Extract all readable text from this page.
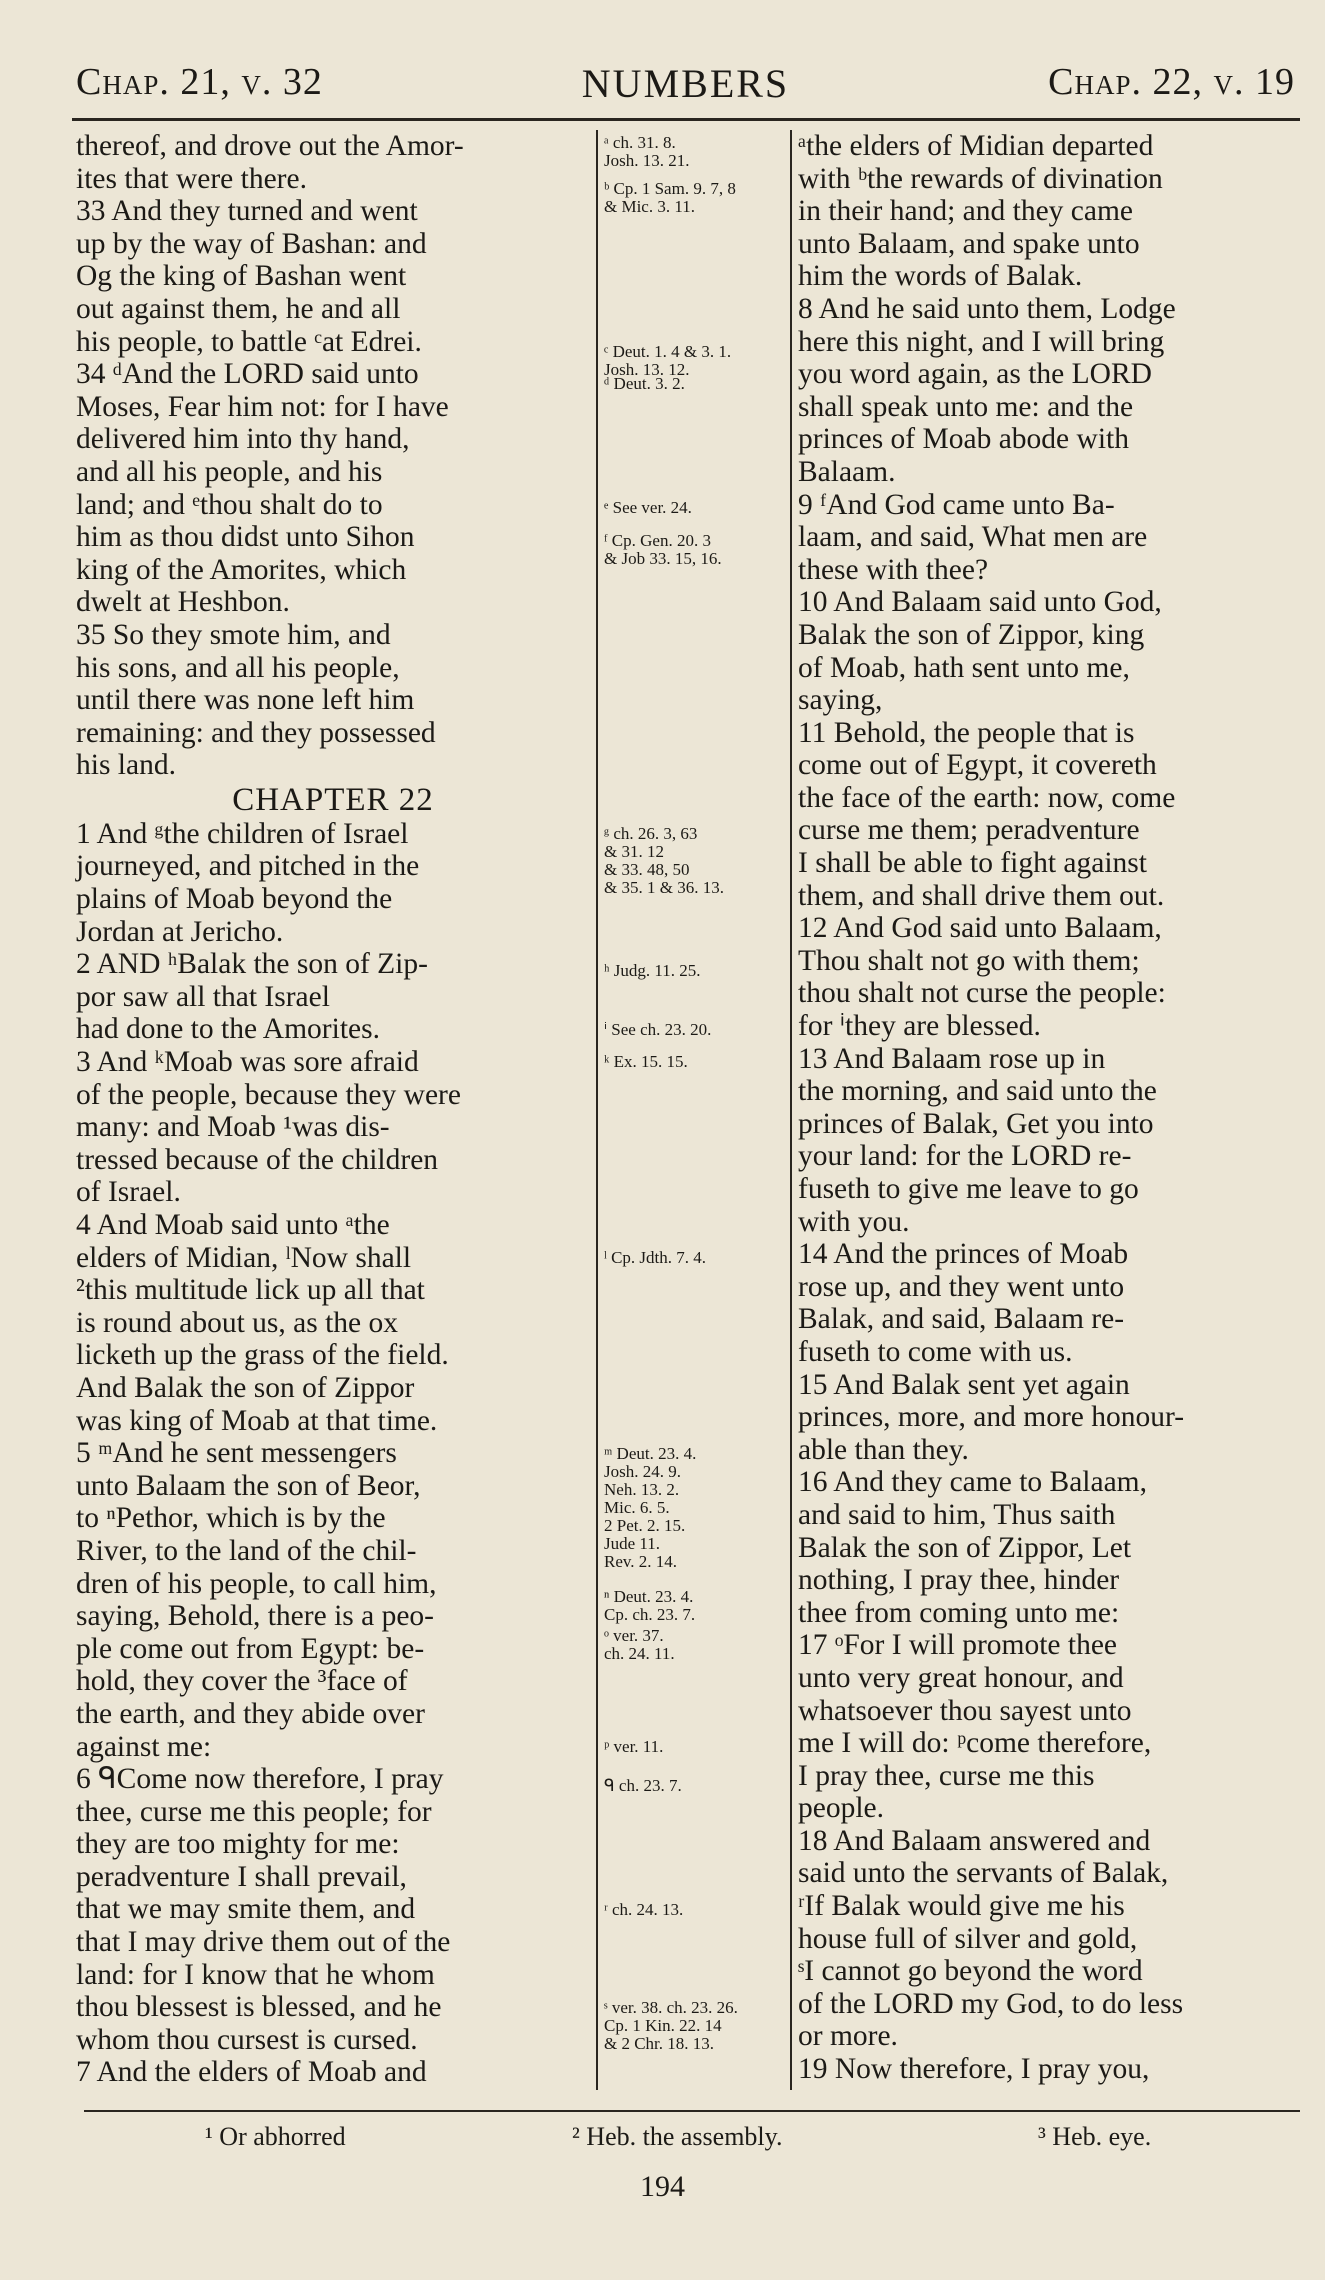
Chap. 21, v. 32	NUMBERS	Chap. 22, v. 19

thereof, and drove out the Amor-

ites that were there.

33 And they turned and went

up by the way of Bashan: and

Og the king of Bashan went

out against them, he and all

his people, to battle ᶜat Edrei.

34 ᵈAnd the LORD said unto

Moses, Fear him not: for I have

delivered him into thy hand,

and all his people, and his

land; and ᵉthou shalt do to

him as thou didst unto Sihon

king of the Amorites, which

dwelt at Heshbon.

35 So they smote him, and

his sons, and all his people,

until there was none left him

remaining: and they possessed

his land.

CHAPTER 22

1 And ᵍthe children of Israel

journeyed, and pitched in the

plains of Moab beyond the

Jordan at Jericho.

2 AND ʰBalak the son of Zip-

por saw all that Israel

had done to the Amorites.

3 And ᵏMoab was sore afraid

of the people, because they were

many: and Moab ¹was dis-

tressed because of the children

of Israel.

4 And Moab said unto ᵃthe

elders of Midian, ˡNow shall

²this multitude lick up all that

is round about us, as the ox

licketh up the grass of the field.

And Balak the son of Zippor

was king of Moab at that time.

5 ᵐAnd he sent messengers

unto Balaam the son of Beor,

to ⁿPethor, which is by the

River, to the land of the chil-

dren of his people, to call him,

saying, Behold, there is a peo-

ple come out from Egypt: be-

hold, they cover the ³face of

the earth, and they abide over

against me:

6 ᑫCome now therefore, I pray

thee, curse me this people; for

they are too mighty for me:

peradventure I shall prevail,

that we may smite them, and

that I may drive them out of the

land: for I know that he whom

thou blessest is blessed, and he

whom thou cursest is cursed.

7 And the elders of Moab and

ᵃ ch. 31. 8.
Josh. 13. 21.
ᵇ Cp. 1 Sam. 9. 7, 8
& Mic. 3. 11.
ᶜ Deut. 1. 4 & 3. 1.
Josh. 13. 12.
ᵈ Deut. 3. 2.
ᵉ See ver. 24.
ᶠ Cp. Gen. 20. 3
& Job 33. 15, 16.
ᵍ ch. 26. 3, 63
& 31. 12
& 33. 48, 50
& 35. 1 & 36. 13.
ʰ Judg. 11. 25.
ⁱ See ch. 23. 20.
ᵏ Ex. 15. 15.
ˡ Cp. Jdth. 7. 4.
ᵐ Deut. 23. 4.
Josh. 24. 9.
Neh. 13. 2.
Mic. 6. 5.
2 Pet. 2. 15.
Jude 11.
Rev. 2. 14.
ⁿ Deut. 23. 4.
Cp. ch. 23. 7.
ᵒ ver. 37.
ch. 24. 11.
ᵖ ver. 11.
ᑫ ch. 23. 7.
ʳ ch. 24. 13.
ˢ ver. 38. ch. 23. 26.
Cp. 1 Kin. 22. 14
& 2 Chr. 18. 13.

ᵃthe elders of Midian departed

with ᵇthe rewards of divination

in their hand; and they came

unto Balaam, and spake unto

him the words of Balak.

8 And he said unto them, Lodge

here this night, and I will bring

you word again, as the LORD

shall speak unto me: and the

princes of Moab abode with

Balaam.

9 ᶠAnd God came unto Ba-

laam, and said, What men are

these with thee?

10 And Balaam said unto God,

Balak the son of Zippor, king

of Moab, hath sent unto me,

saying,

11 Behold, the people that is

come out of Egypt, it covereth

the face of the earth: now, come

curse me them; peradventure

I shall be able to fight against

them, and shall drive them out.

12 And God said unto Balaam,

Thou shalt not go with them;

thou shalt not curse the people:

for ⁱthey are blessed.

13 And Balaam rose up in

the morning, and said unto the

princes of Balak, Get you into

your land: for the LORD re-

fuseth to give me leave to go

with you.

14 And the princes of Moab

rose up, and they went unto

Balak, and said, Balaam re-

fuseth to come with us.

15 And Balak sent yet again

princes, more, and more honour-

able than they.

16 And they came to Balaam,

and said to him, Thus saith

Balak the son of Zippor, Let

nothing, I pray thee, hinder

thee from coming unto me:

17 ᵒFor I will promote thee

unto very great honour, and

whatsoever thou sayest unto

me I will do: ᵖcome therefore,

I pray thee, curse me this

people.

18 And Balaam answered and

said unto the servants of Balak,

ʳIf Balak would give me his

house full of silver and gold,

ˢI cannot go beyond the word

of the LORD my God, to do less

or more.

19 Now therefore, I pray you,

¹ Or abhorred	² Heb. the assembly.	³ Heb. eye.
194
